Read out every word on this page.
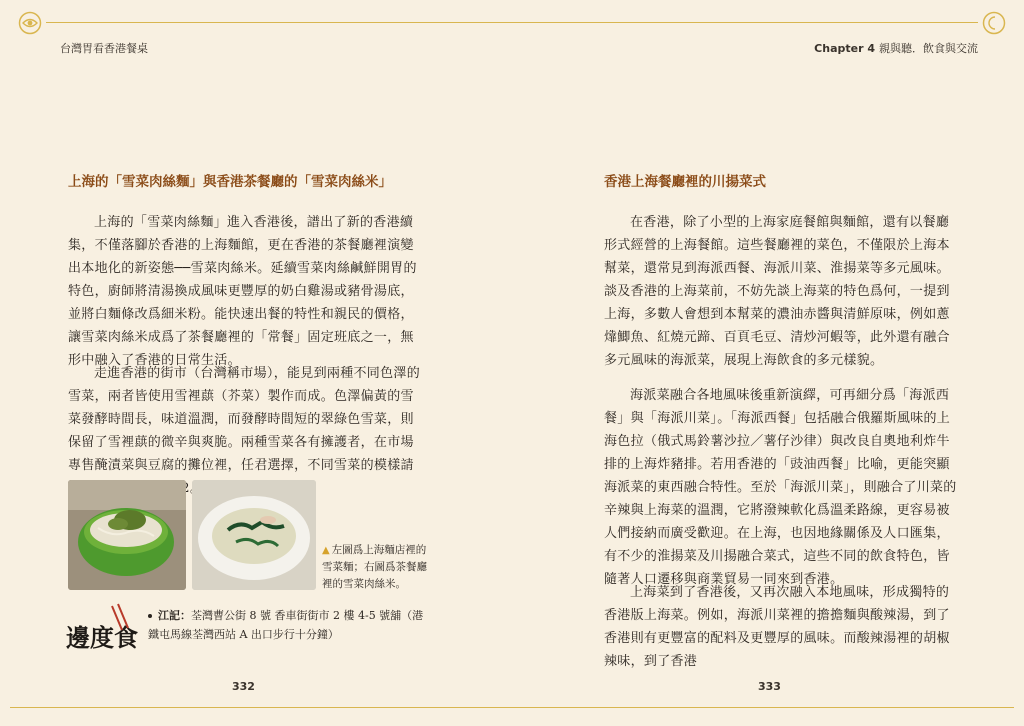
台灣胃看香港餐桌	Chapter 4 親與聽．飲食與交流
上海的「雪菜肉絲麵」與香港茶餐廳的「雪菜肉絲米」

上海的「雪菜肉絲麵」進入香港後，譜出了新的香港續集，不僅落腳於香港的上海麵館，更在香港的茶餐廳裡演變出本地化的新姿態──雪菜肉絲米。延續雪菜肉絲鹹鮮開胃的特色，廚師將清湯換成風味更豐厚的奶白雞湯或豬骨湯底，並將白麵條改爲細米粉。能快速出餐的特性和親民的價格，讓雪菜肉絲米成爲了茶餐廳裡的「常餐」固定班底之一，無形中融入了香港的日常生活。

走進香港的街市（台灣稱市場），能見到兩種不同色澤的雪菜，兩者皆使用雪裡蕻（芥菜）製作而成。色澤偏黃的雪菜發酵時間長，味道溫潤，而發酵時間短的翠綠色雪菜，則保留了雪裡蕻的微辛與爽脆。兩種雪菜各有擁護者，在市場專售醃漬菜與豆腐的攤位裡，任君選擇，不同雪菜的模樣請

▲ 左圖爲上海麵店裡的雪菜麵；右圖爲茶餐廳裡的雪菜肉絲米。
邊度食
江記：荃灣曹公街 8 號 香車街街市 2 樓 4-5 號舖（港鐵屯馬線荃灣西站 A 出口步行十分鐘）
332
香港上海餐廳裡的川揚菜式

在香港，除了小型的上海家庭餐館與麵館，還有以餐廳形式經營的上海餐館。這些餐廳裡的菜色，不僅限於上海本幫菜，還常見到海派西餐、海派川菜、淮揚菜等多元風味。談及香港的上海菜前，不妨先談上海菜的特色爲何，一提到上海，多數人會想到本幫菜的濃油赤醬與清鮮原味，例如蔥㸆鯽魚、紅燒元蹄、百頁毛豆、清炒河蝦等，此外還有融合多元風味的海派菜，展現上海飲食的多元樣貌。

海派菜融合各地風味後重新演繹，可再細分爲「海派西餐」與「海派川菜」。「海派西餐」包括融合俄羅斯風味的上海色拉（俄式馬鈴薯沙拉／薯仔沙律）與改良自奧地利炸牛排的上海炸豬排。若用香港的「豉油西餐」比喻，更能突顯海派菜的東西融合特性。至於「海派川菜」，則融合了川菜的辛辣與上海菜的溫潤，它將潑辣軟化爲溫柔路線，更容易被人們接納而廣受歡迎。在上海，也因地緣關係及人口匯集，有不少的淮揚菜及川揚融合菜式，這些不同的飲食特色，皆隨著人口遷移與商業貿易一同來到香港。

上海菜到了香港後，又再次融入本地風味，形成獨特的香港版上海菜。例如，海派川菜裡的擔擔麵與酸辣湯，到了香港則有更豐富的配料及更豐厚的風味。而酸辣湯裡的胡椒辣味，到了香港

333
